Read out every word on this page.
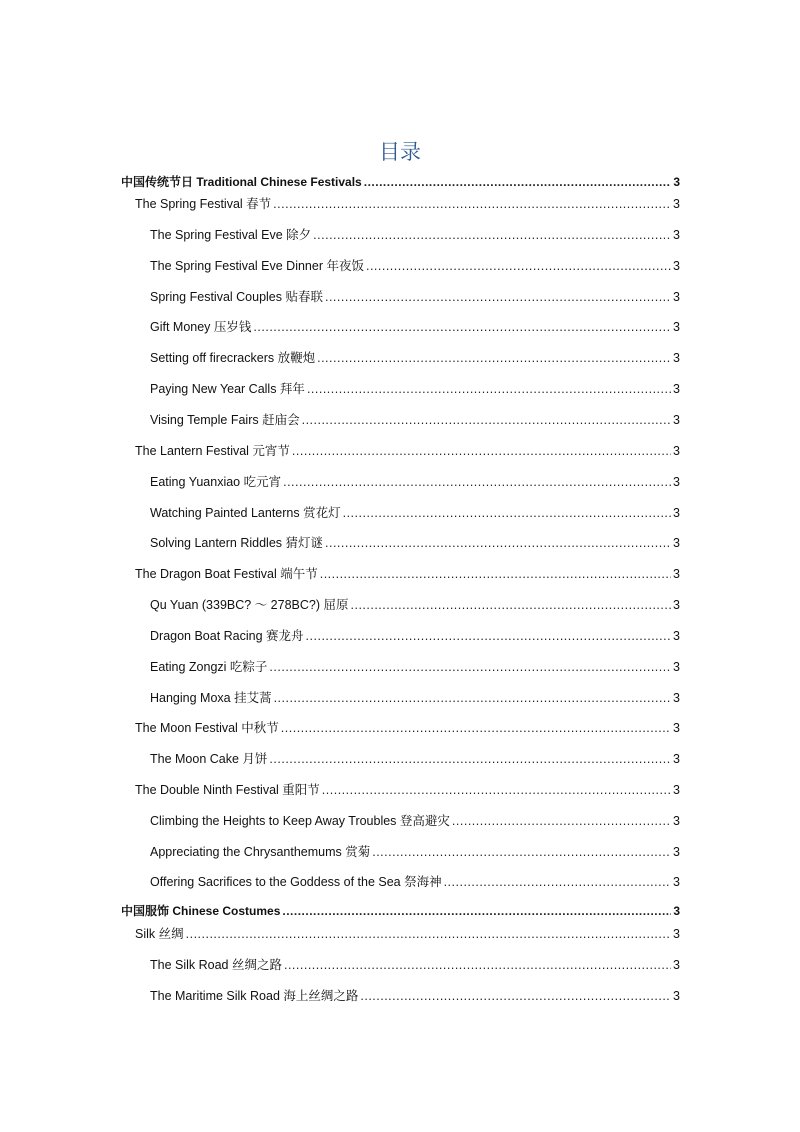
目录
中国传统节日 Traditional Chinese Festivals .....	3
The Spring Festival 春节 .....	3
The Spring Festival Eve 除夕 .....	3
The Spring Festival Eve Dinner 年夜饭 .....	3
Spring Festival Couples 贴春联 .....	3
Gift Money 压岁钱 .....	3
Setting off firecrackers 放鞭炮 .....	3
Paying New Year Calls 拜年 .....	3
Vising Temple Fairs 赶庙会 .....	3
The Lantern Festival 元宵节 .....	3
Eating Yuanxiao 吃元宵 .....	3
Watching Painted Lanterns 赏花灯 .....	3
Solving Lantern Riddles 猜灯谜 .....	3
The Dragon Boat Festival 端午节 .....	3
Qu Yuan (339BC? ～ 278BC?) 屈原 .....	3
Dragon Boat Racing 赛龙舟 .....	3
Eating Zongzi 吃粽子 .....	3
Hanging Moxa 挂艾蒿 .....	3
The Moon Festival 中秋节 .....	3
The Moon Cake 月饼 .....	3
The Double Ninth Festival 重阳节 .....	3
Climbing the Heights to Keep Away Troubles 登高避灾 .....	3
Appreciating the Chrysanthemums 赏菊 .....	3
Offering Sacrifices to the Goddess of the Sea 祭海神 .....	3
中国服饰 Chinese Costumes .....	3
Silk 丝绸 .....	3
The Silk Road 丝绸之路 .....	3
The Maritime Silk Road 海上丝绸之路 .....	3
